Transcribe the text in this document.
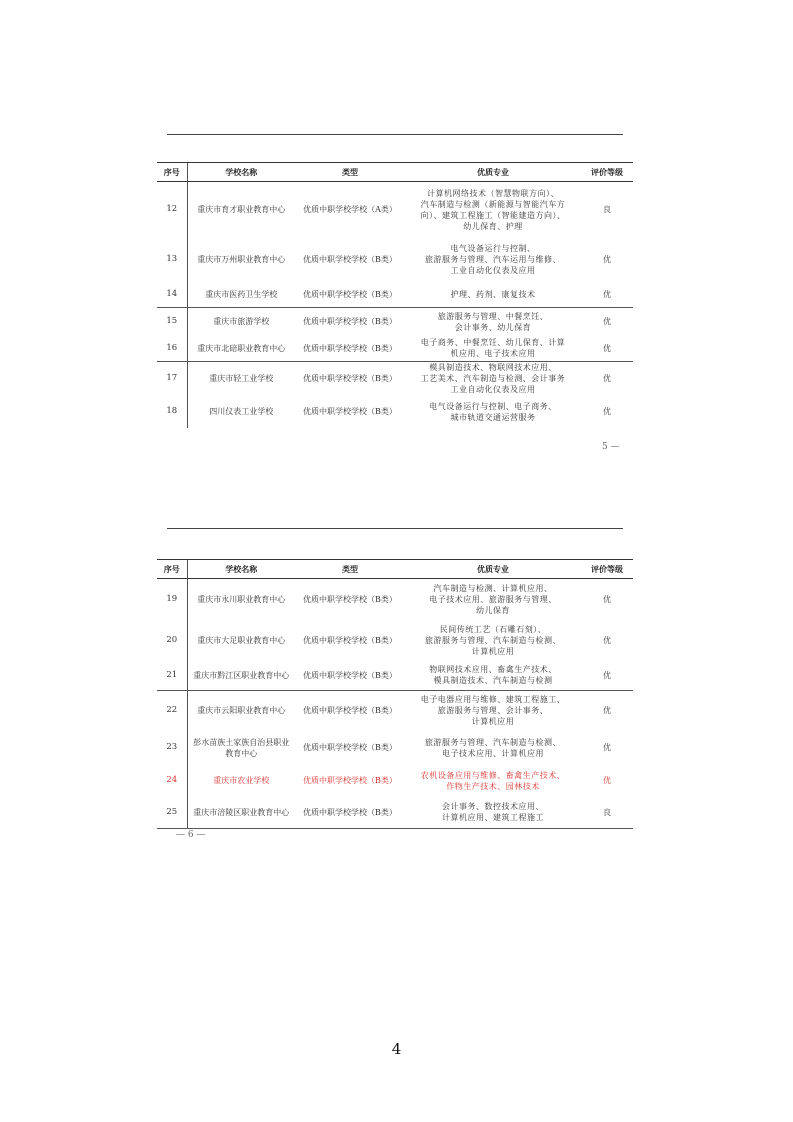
序号	学校名称	类型	优质专业	评价等级
12	重庆市育才职业教育中心	优质中职学校学校（A类）	计算机网络技术（智慧物联方向）、
汽车制造与检测（新能源与智能汽车方
向）、建筑工程施工（智能建造方向）、
幼儿保育、护理	良
13	重庆市万州职业教育中心	优质中职学校学校（B类）	电气设备运行与控制、
旅游服务与管理、汽车运用与维修、
工业自动化仪表及应用	优
14	重庆市医药卫生学校	优质中职学校学校（B类）	护理、药剂、康复技术	优
15	重庆市旅游学校	优质中职学校学校（B类）	旅游服务与管理、中餐烹饪、
会计事务、幼儿保育	优
16	重庆市北碚职业教育中心	优质中职学校学校（B类）	电子商务、中餐烹饪、幼儿保育、计算
机应用、电子技术应用	优
17	重庆市轻工业学校	优质中职学校学校（B类）	模具制造技术、物联网技术应用、
工艺美术、汽车制造与检测、会计事务
工业自动化仪表及应用	优
18	四川仪表工业学校	优质中职学校学校（B类）	电气设备运行与控制、电子商务、
城市轨道交通运营服务	优
5 —
序号	学校名称	类型	优质专业	评价等级
19	重庆市永川职业教育中心	优质中职学校学校（B类）	汽车制造与检测、计算机应用、
电子技术应用、旅游服务与管理、
幼儿保育	优
20	重庆市大足职业教育中心	优质中职学校学校（B类）	民间传统工艺（石雕石刻）、
旅游服务与管理、汽车制造与检测、
计算机应用	优
21	重庆市黔江区职业教育中心	优质中职学校学校（B类）	物联网技术应用、畜禽生产技术、
模具制造技术、汽车制造与检测	优
22	重庆市云阳职业教育中心	优质中职学校学校（B类）	电子电器应用与维修、建筑工程施工、
旅游服务与管理、会计事务、
计算机应用	优
23	彭水苗族土家族自治县职业教育中心	优质中职学校学校（B类）	旅游服务与管理、汽车制造与检测、
电子技术应用、计算机应用	优
24	重庆市农业学校	优质中职学校学校（B类）	农机设备应用与维修、畜禽生产技术、
作物生产技术、园林技术	优
25	重庆市涪陵区职业教育中心	优质中职学校学校（B类）	会计事务、数控技术应用、
计算机应用、建筑工程施工	良
— 6 —
4
